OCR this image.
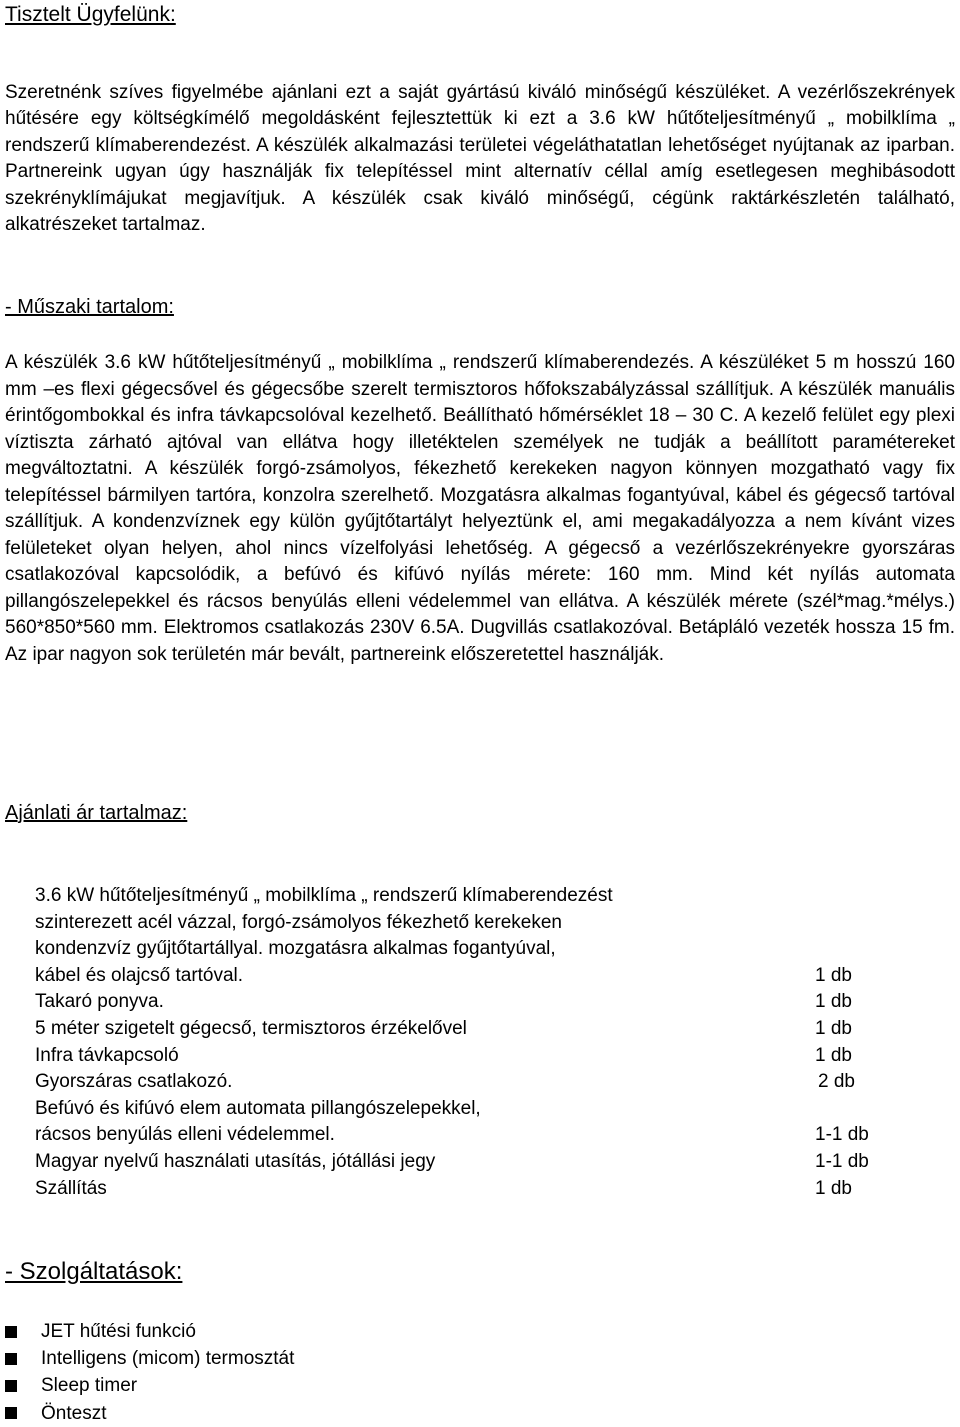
Tisztelt Ügyfelünk:

Szeretnénk szíves figyelmébe ajánlani ezt a saját gyártású kiváló minőségű készüléket. A vezérlőszekrények hűtésére egy költségkímélő megoldásként fejlesztettük ki ezt a 3.6 kW hűtőteljesítményű „ mobilklíma „ rendszerű klímaberendezést. A készülék alkalmazási területei végeláthatatlan lehetőséget nyújtanak az iparban. Partnereink ugyan úgy használják fix telepítéssel mint alternatív céllal amíg esetlegesen meghibásodott szekrényklímájukat megjavítjuk. A készülék csak kiváló minőségű, cégünk raktárkészletén található, alkatrészeket tartalmaz.

- Műszaki tartalom:

A készülék 3.6 kW hűtőteljesítményű „ mobilklíma „ rendszerű klímaberendezés. A készüléket 5 m hosszú 160 mm –es flexi gégecsővel és gégecsőbe szerelt termisztoros hőfokszabályzással szállítjuk. A készülék manuális érintőgombokkal és infra távkapcsolóval kezelhető. Beállítható hőmérséklet 18 – 30 C. A kezelő felület egy plexi víztiszta zárható ajtóval van ellátva hogy illetéktelen személyek ne tudják a beállított paramétereket megváltoztatni. A készülék forgó-zsámolyos, fékezhető kerekeken nagyon könnyen mozgatható vagy fix telepítéssel bármilyen tartóra, konzolra szerelhető. Mozgatásra alkalmas fogantyúval, kábel és gégecső tartóval szállítjuk. A kondenzvíznek egy külön gyűjtőtartályt helyeztünk el, ami megakadályozza a nem kívánt vizes felületeket olyan helyen, ahol nincs vízelfolyási lehetőség. A gégecső a vezérlőszekrényekre gyorszáras csatlakozóval kapcsolódik, a befúvó és kifúvó nyílás mérete: 160 mm. Mind két nyílás automata pillangószelepekkel és rácsos benyúlás elleni védelemmel van ellátva. A készülék mérete (szél*mag.*mélys.) 560*850*560 mm. Elektromos csatlakozás 230V 6.5A. Dugvillás csatlakozóval. Betápláló vezeték hossza 15 fm. Az ipar nagyon sok területén már bevált, partnereink előszeretettel használják.

Ajánlati ár tartalmaz:
3.6 kW hűtőteljesítményű „ mobilklíma „ rendszerű klímaberendezést
szinterezett acél vázzal, forgó-zsámolyos fékezhető kerekeken
kondenzvíz gyűjtőtartállyal. mozgatásra alkalmas fogantyúval,
kábel és olajcső tartóval.	1 db
Takaró ponyva.	1 db
5 méter szigetelt gégecső, termisztoros érzékelővel	1 db
Infra távkapcsoló	1 db
Gyorszáras csatlakozó.	2 db
Befúvó és kifúvó elem automata pillangószelepekkel,
rácsos benyúlás elleni védelemmel.	1-1 db
Magyar nyelvű használati utasítás, jótállási jegy	1-1 db
Szállítás	1 db
- Szolgáltatások:
JET hűtési funkció
Intelligens (micom) termosztát
Sleep timer
Önteszt
